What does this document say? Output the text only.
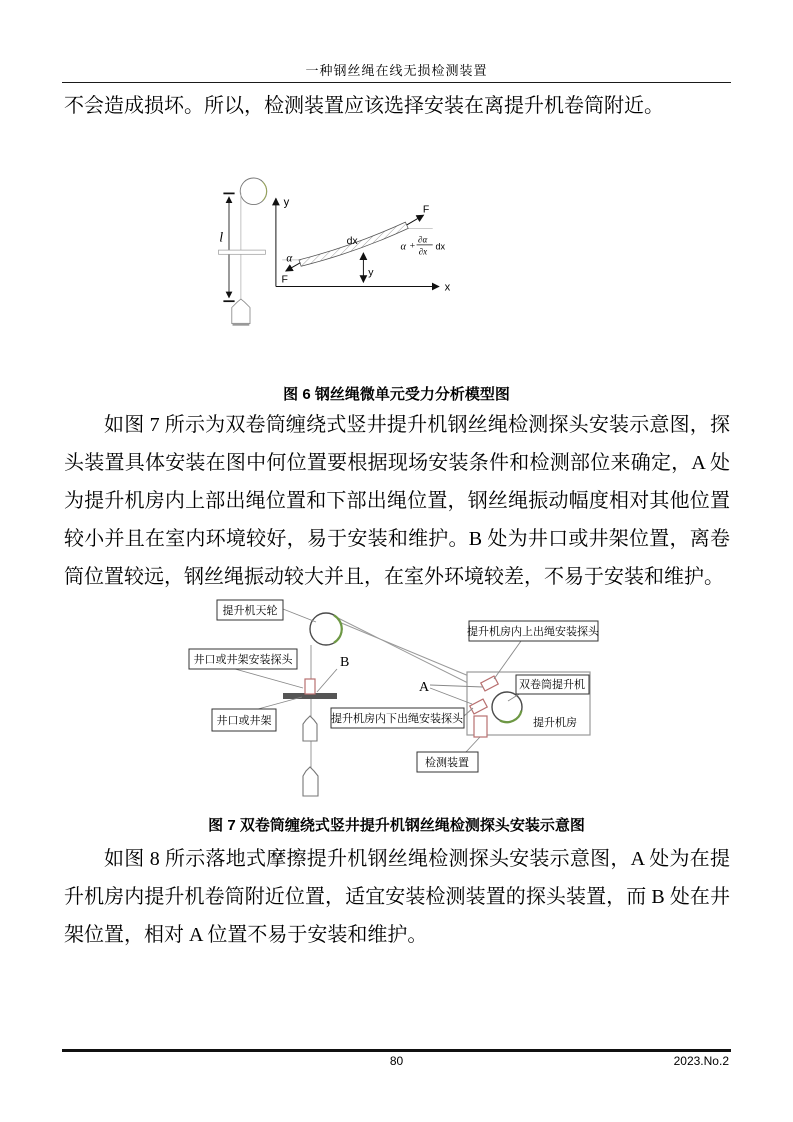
一种钢丝绳在线无损检测装置
不会造成损坏。所以，检测装置应该选择安装在离提升机卷筒附近。
l
y
x
F
F
dx
α
α +
∂α
∂x dx
y
图 6 钢丝绳微单元受力分析模型图
如图 7 所示为双卷筒缠绕式竖井提升机钢丝绳检测探头安装示意图，探头装置具体安装在图中何位置要根据现场安装条件和检测部位来确定，A 处为提升机房内上部出绳位置和下部出绳位置，钢丝绳振动幅度相对其他位置较小并且在室内环境较好，易于安装和维护。B 处为井口或井架位置，离卷筒位置较远，钢丝绳振动较大并且，在室外环境较差，不易于安装和维护。
提升机天轮
井口或井架安装探头	B
井口或井架
提升机房内上出绳安装探头
双卷筒提升机
A
提升机房内下出绳安装探头	提升机房
检测装置
图 7 双卷筒缠绕式竖井提升机钢丝绳检测探头安装示意图
如图 8 所示落地式摩擦提升机钢丝绳检测探头安装示意图，A 处为在提升机房内提升机卷筒附近位置，适宜安装检测装置的探头装置，而 B 处在井架位置，相对 A 位置不易于安装和维护。
80	2023.No.2
